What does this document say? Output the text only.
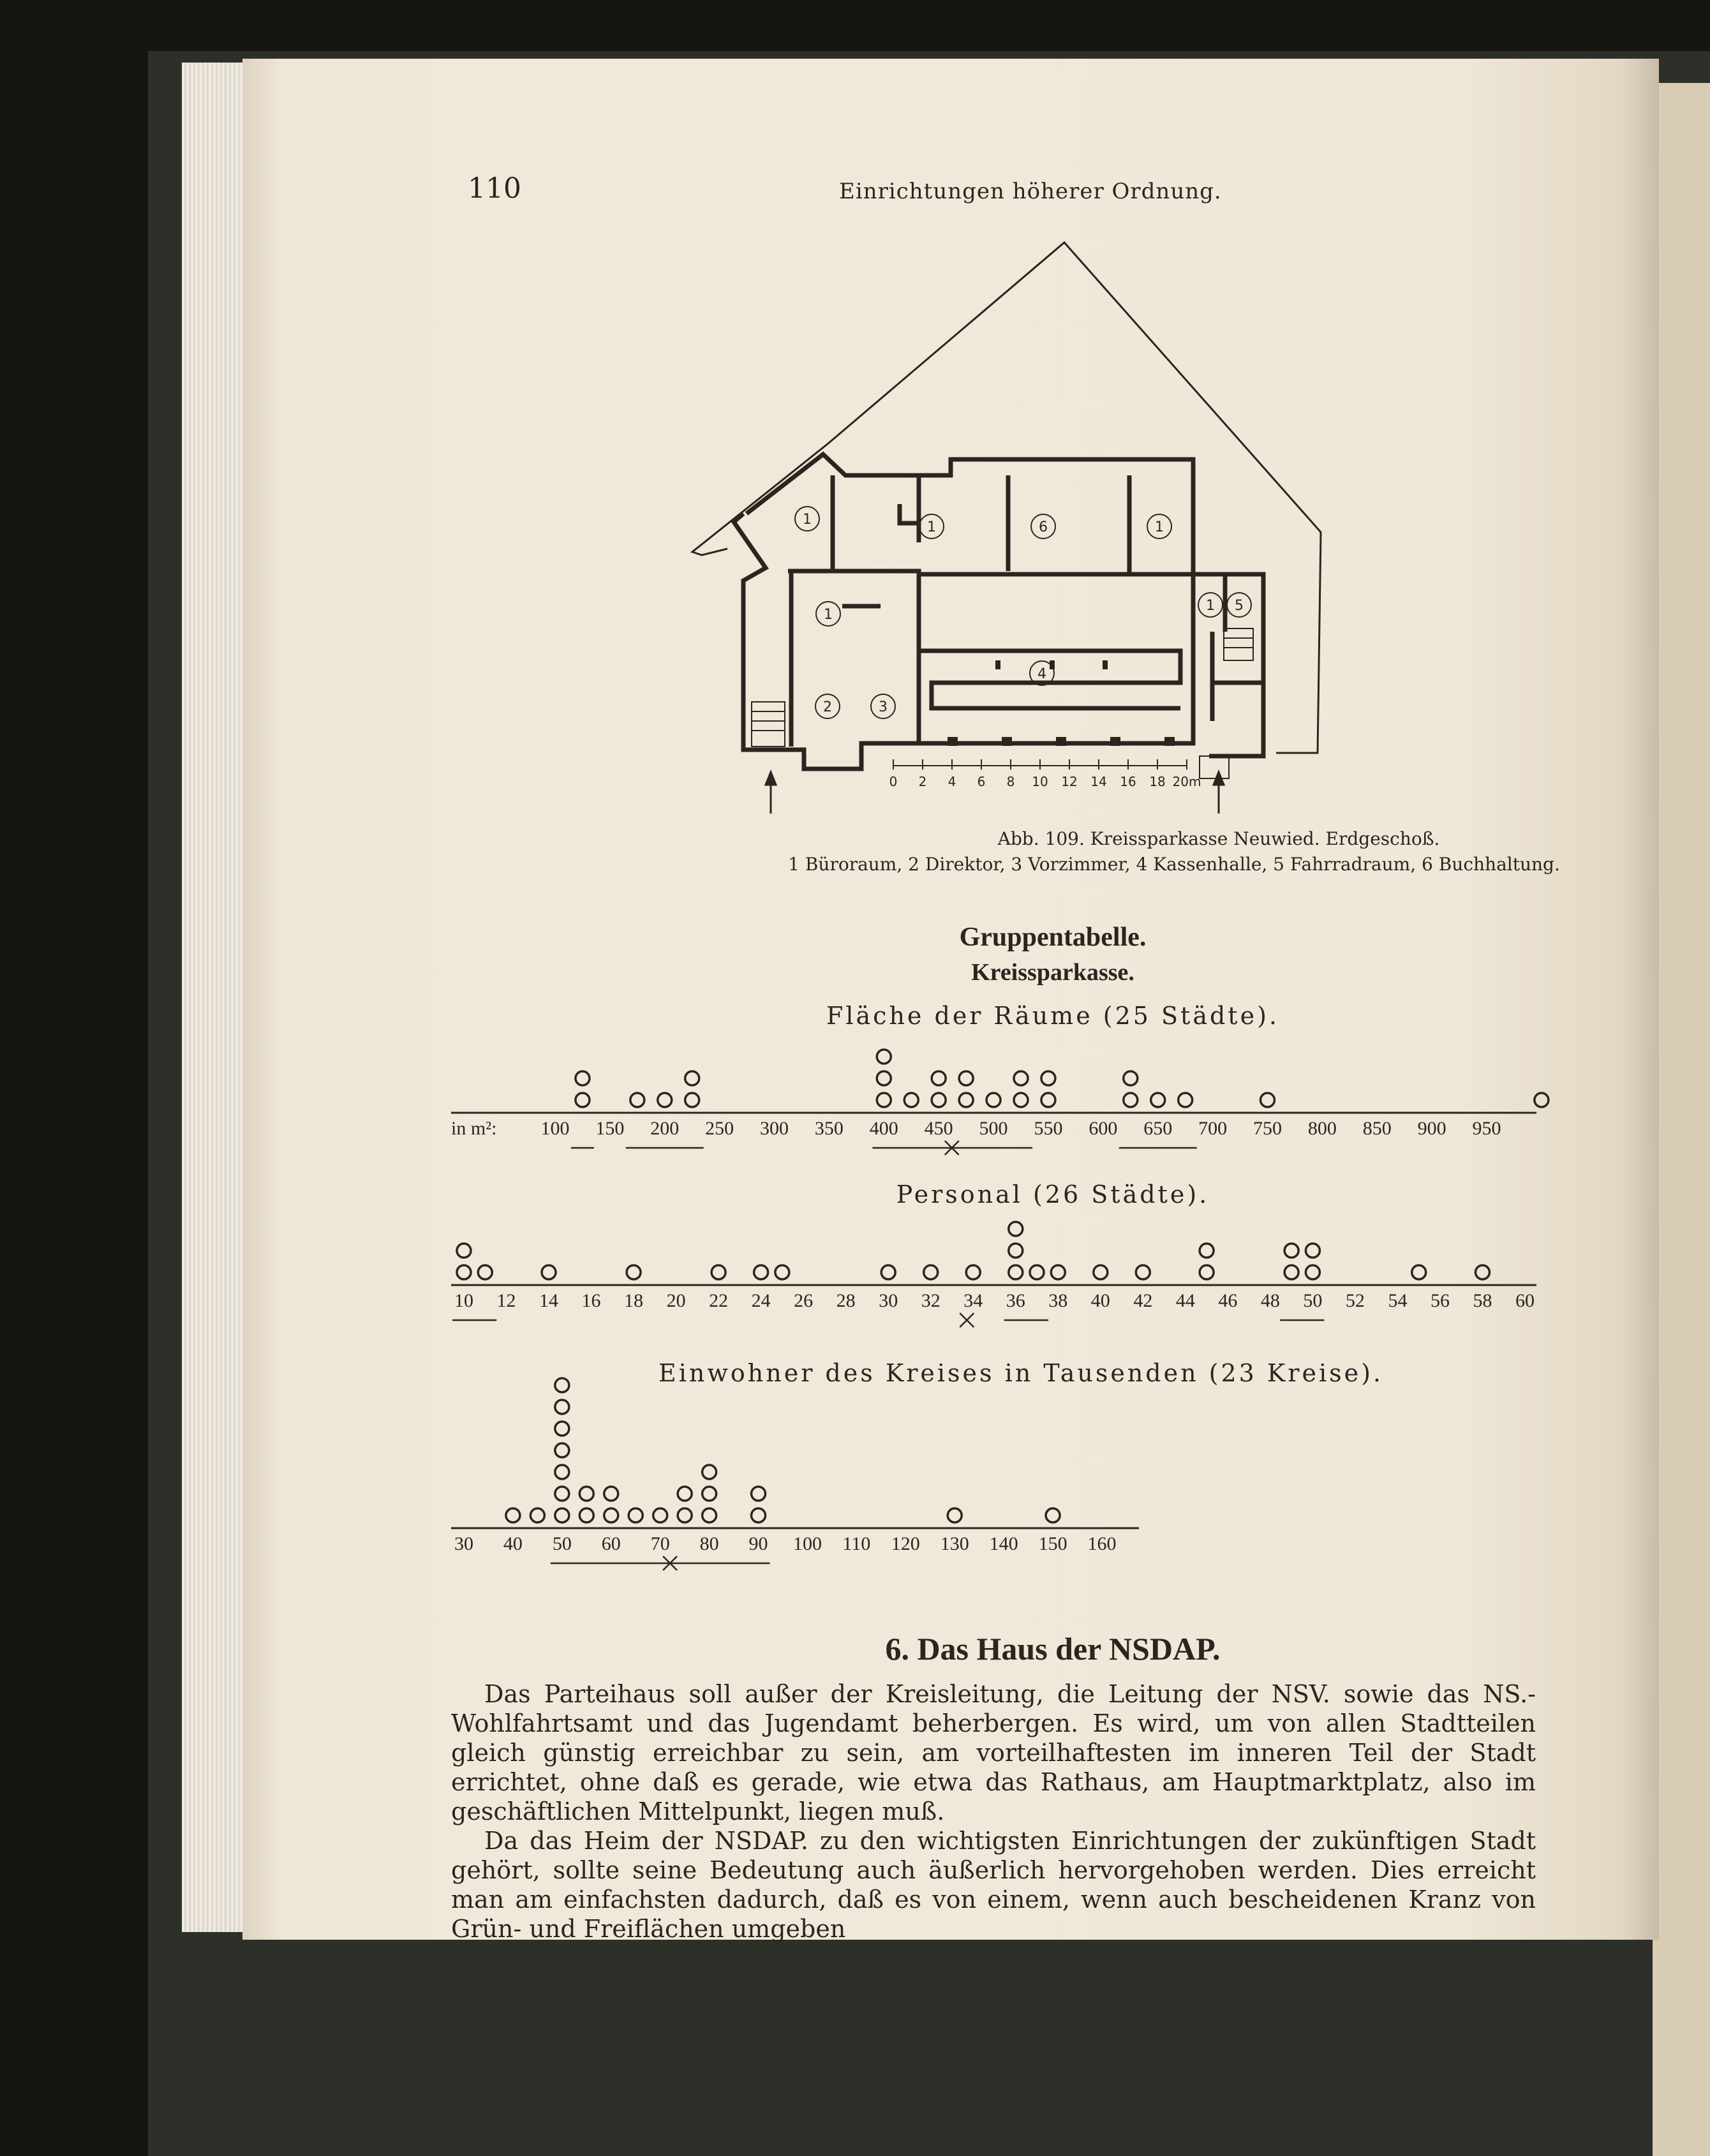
110	Einrichtungen höherer Ordnung.
1	1	1
1
1
2	3
4
5
6
0 2 4 6 8 10 12 14 16 18 20m
Abb. 109. Kreissparkasse Neuwied. Erdgeschoß.
1 Büroraum, 2 Direktor, 3 Vorzimmer, 4 Kassenhalle, 5 Fahrradraum, 6 Buchhaltung.
Gruppentabelle.
Kreissparkasse.
Fläche der Räume (25 Städte).
Personal (26 Städte).
Einwohner des Kreises in Tausenden (23 Kreise).
in m²: 100 150 200 250 300 350 400 450 500 550 600 650 700 750 800 850 900 950
10 12 14 16 18 20 22 24 26 28 30 32 34 36 38 40 42 44 46 48 50 52 54 56 58 60
30 40 50 60 70 80 90 100 110 120 130 140 150 160
6. Das Haus der NSDAP.

Das Parteihaus soll außer der Kreisleitung, die Leitung der NSV. sowie das NS.-Wohlfahrtsamt und das Jugendamt beherbergen. Es wird, um von allen Stadtteilen gleich günstig erreichbar zu sein, am vorteilhaftesten im inneren Teil der Stadt errichtet, ohne daß es gerade, wie etwa das Rathaus, am Hauptmarktplatz, also im geschäftlichen Mittelpunkt, liegen muß.

Da das Heim der NSDAP. zu den wichtigsten Einrichtungen der zukünftigen Stadt gehört, sollte seine Bedeutung auch äußerlich hervorgehoben werden. Dies erreicht man am einfachsten dadurch, daß es von einem, wenn auch bescheidenen Kranz von Grün- und Freiflächen umgeben
